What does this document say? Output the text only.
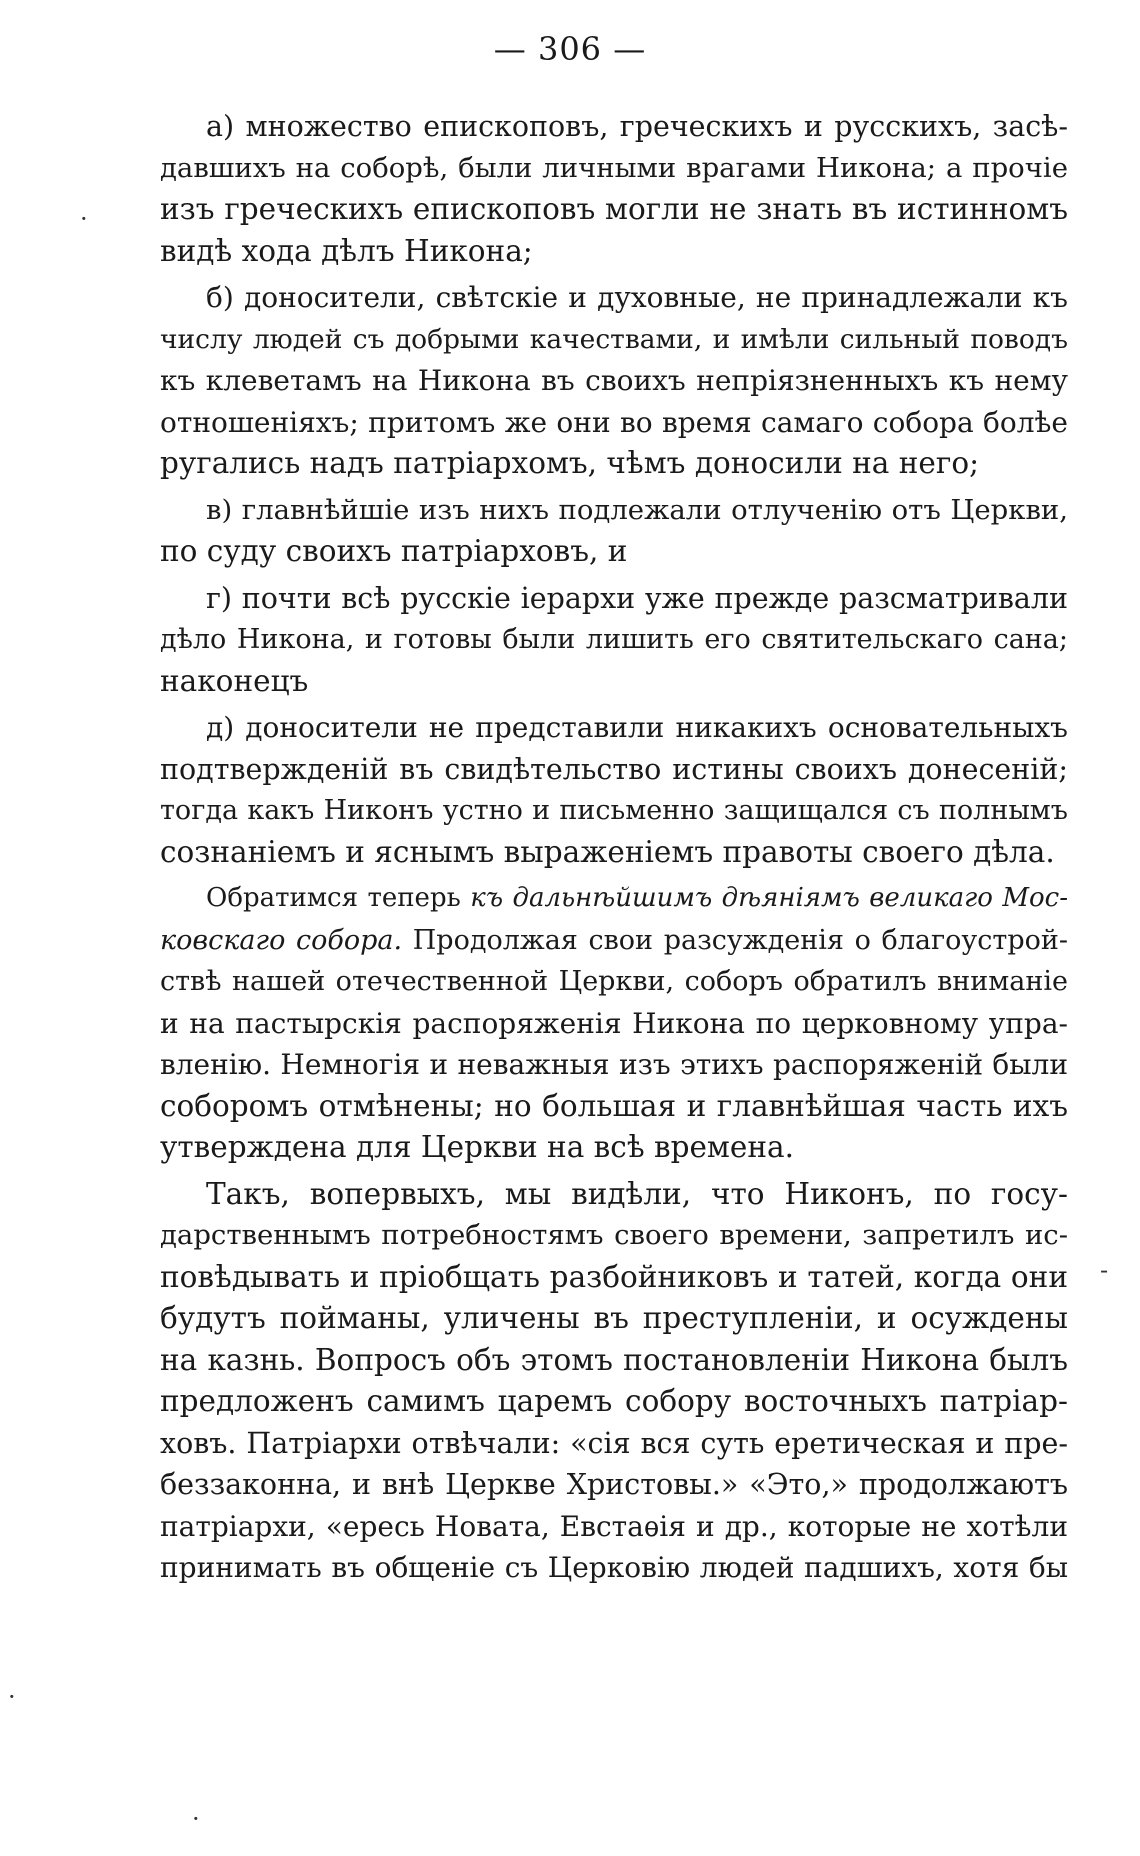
— 306 —

а) множество епископовъ, греческихъ и русскихъ, засѣ-
давшихъ на соборѣ, были личными врагами Никона; а прочіе
изъ греческихъ епископовъ могли не знать въ истинномъ
видѣ хода дѣлъ Никона;

б) доносители, свѣтскіе и духовные, не принадлежали къ
числу людей съ добрыми качествами, и имѣли сильный поводъ
къ клеветамъ на Никона въ своихъ непріязненныхъ къ нему
отношеніяхъ; притомъ же они во время самаго собора болѣе
ругались надъ патріархомъ, чѣмъ доносили на него;

в) главнѣйшіе изъ нихъ подлежали отлученію отъ Церкви,
по суду своихъ патріарховъ, и

г) почти всѣ русскіе іерархи уже прежде разсматривали
дѣло Никона, и готовы были лишить его святительскаго сана;
наконецъ

д) доносители не представили никакихъ основательныхъ
подтвержденій въ свидѣтельство истины своихъ донесеній;
тогда какъ Никонъ устно и письменно защищался съ полнымъ
сознаніемъ и яснымъ выраженіемъ правоты своего дѣла.

Обратимся теперь къ дальнѣйшимъ дѣяніямъ великаго Мос-
ковскаго собора. Продолжая свои разсужденія о благоустрой-
ствѣ нашей отечественной Церкви, соборъ обратилъ вниманіе
и на пастырскія распоряженія Никона по церковному упра-
вленію. Немногія и неважныя изъ этихъ распоряженій были
соборомъ отмѣнены; но большая и главнѣйшая часть ихъ
утверждена для Церкви на всѣ времена.

Такъ, вопервыхъ, мы видѣли, что Никонъ, по госу-
дарственнымъ потребностямъ своего времени, запретилъ ис-
повѣдывать и пріобщать разбойниковъ и татей, когда они
будутъ пойманы, уличены въ преступленіи, и осуждены
на казнь. Вопросъ объ этомъ постановленіи Никона былъ
предложенъ самимъ царемъ собору восточныхъ патріар-
ховъ. Патріархи отвѣчали: «сія вся суть еретическая и пре-
беззаконна, и внѣ Церкве Христовы.» «Это,» продолжаютъ
патріархи, «ересь Новата, Евстаѳія и др., которые не хотѣли
принимать въ общеніе съ Церковію людей падшихъ, хотя бы

·
-
·
·
